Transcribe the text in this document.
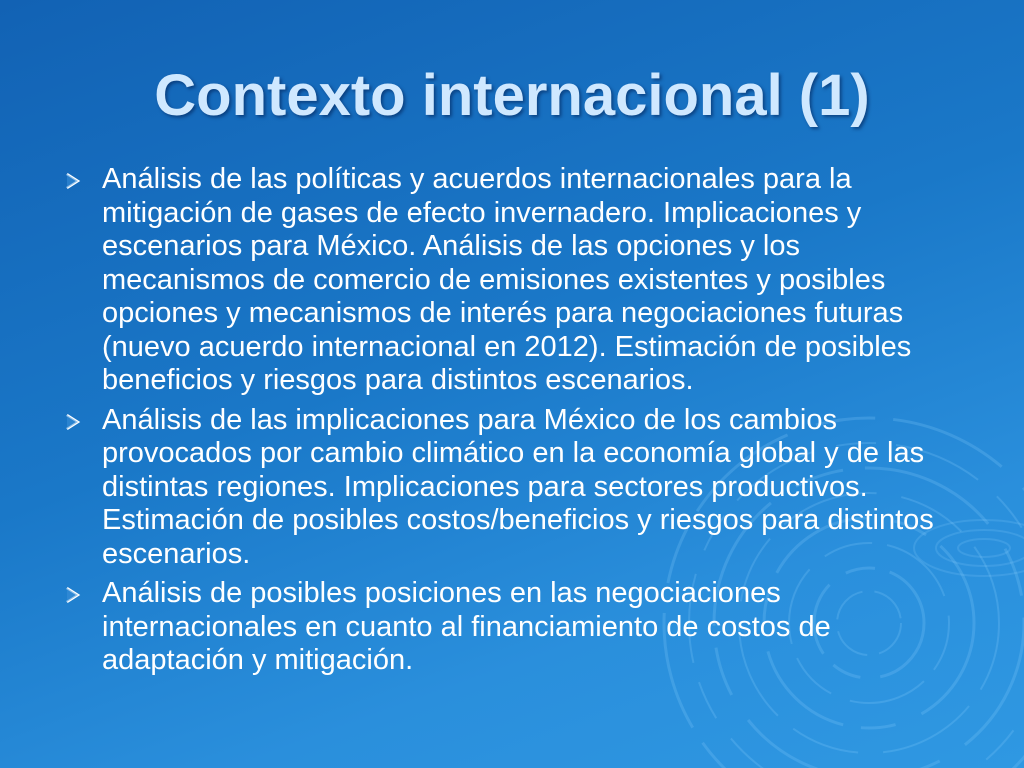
Contexto internacional (1)
Análisis de las políticas y acuerdos internacionales para la mitigación de gases de efecto invernadero. Implicaciones y escenarios para México. Análisis de las opciones y los mecanismos de comercio de emisiones existentes y posibles opciones y mecanismos de interés para negociaciones futuras (nuevo acuerdo internacional en 2012). Estimación de posibles beneficios y riesgos para distintos escenarios.
Análisis de las implicaciones para México de los cambios provocados por cambio climático en la economía global y de las distintas regiones. Implicaciones para sectores productivos. Estimación de posibles costos/beneficios y riesgos para distintos escenarios.
Análisis de posibles posiciones en las negociaciones internacionales en cuanto al financiamiento de costos de adaptación y mitigación.
